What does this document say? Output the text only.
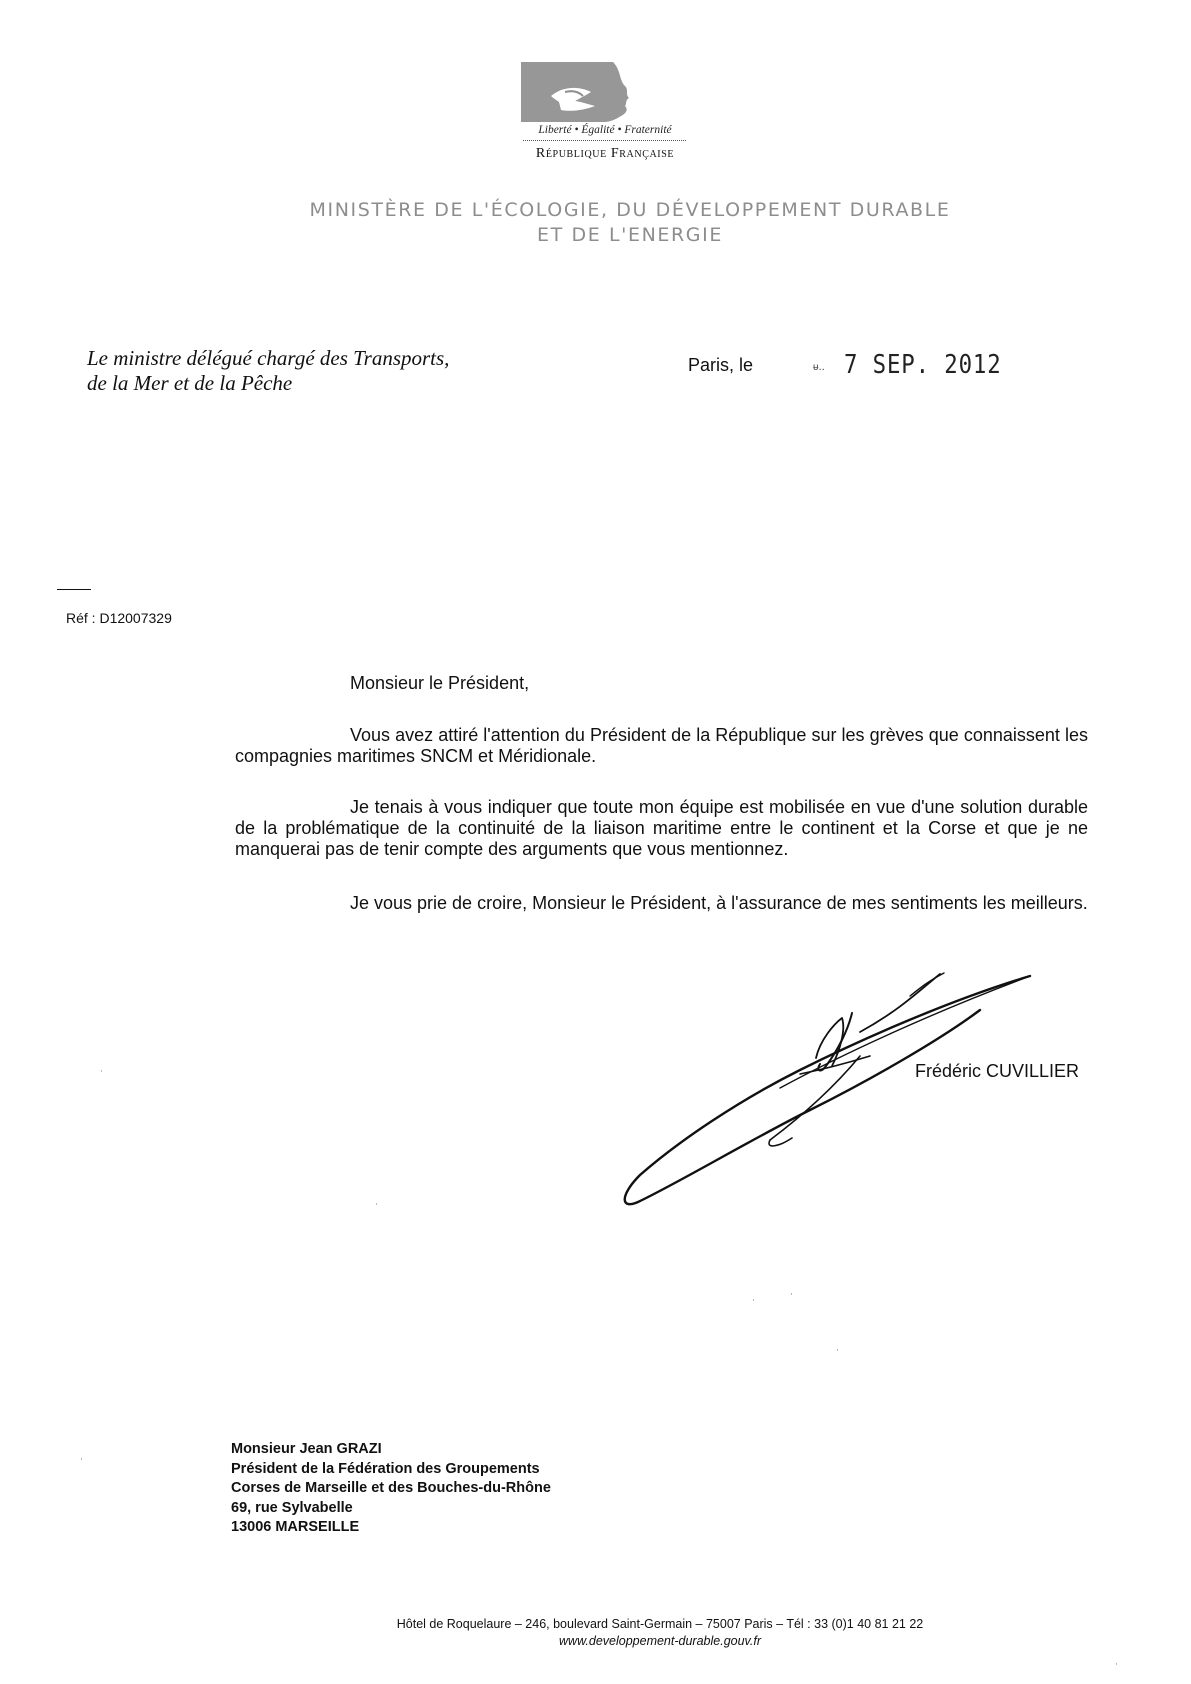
Liberté • Égalité • Fraternité
République Française
MINISTÈRE DE L'ÉCOLOGIE, DU DÉVELOPPEMENT DURABLE
ET DE L'ENERGIE
Le ministre délégué chargé des Transports,
de la Mer et de la Pêche
Paris, le	ᵾ.. 7 SEP. 2012
Réf : D12007329
Monsieur le Président,
Vous avez attiré l'attention du Président de la République sur les grèves que connaissent les compagnies maritimes SNCM et Méridionale.
Je tenais à vous indiquer que toute mon équipe est mobilisée en vue d'une solution durable de la problématique de la continuité de la liaison maritime entre le continent et la Corse et que je ne manquerai pas de tenir compte des arguments que vous mentionnez.
Je vous prie de croire, Monsieur le Président, à l'assurance de mes sentiments les meilleurs.
Frédéric CUVILLIER
Monsieur Jean GRAZI
Président de la Fédération des Groupements
Corses de Marseille et des Bouches-du-Rhône
69, rue Sylvabelle
13006 MARSEILLE
Hôtel de Roquelaure – 246, boulevard Saint-Germain – 75007 Paris – Tél : 33 (0)1 40 81 21 22
www.developpement-durable.gouv.fr
·
·
·
·
·
·
·
